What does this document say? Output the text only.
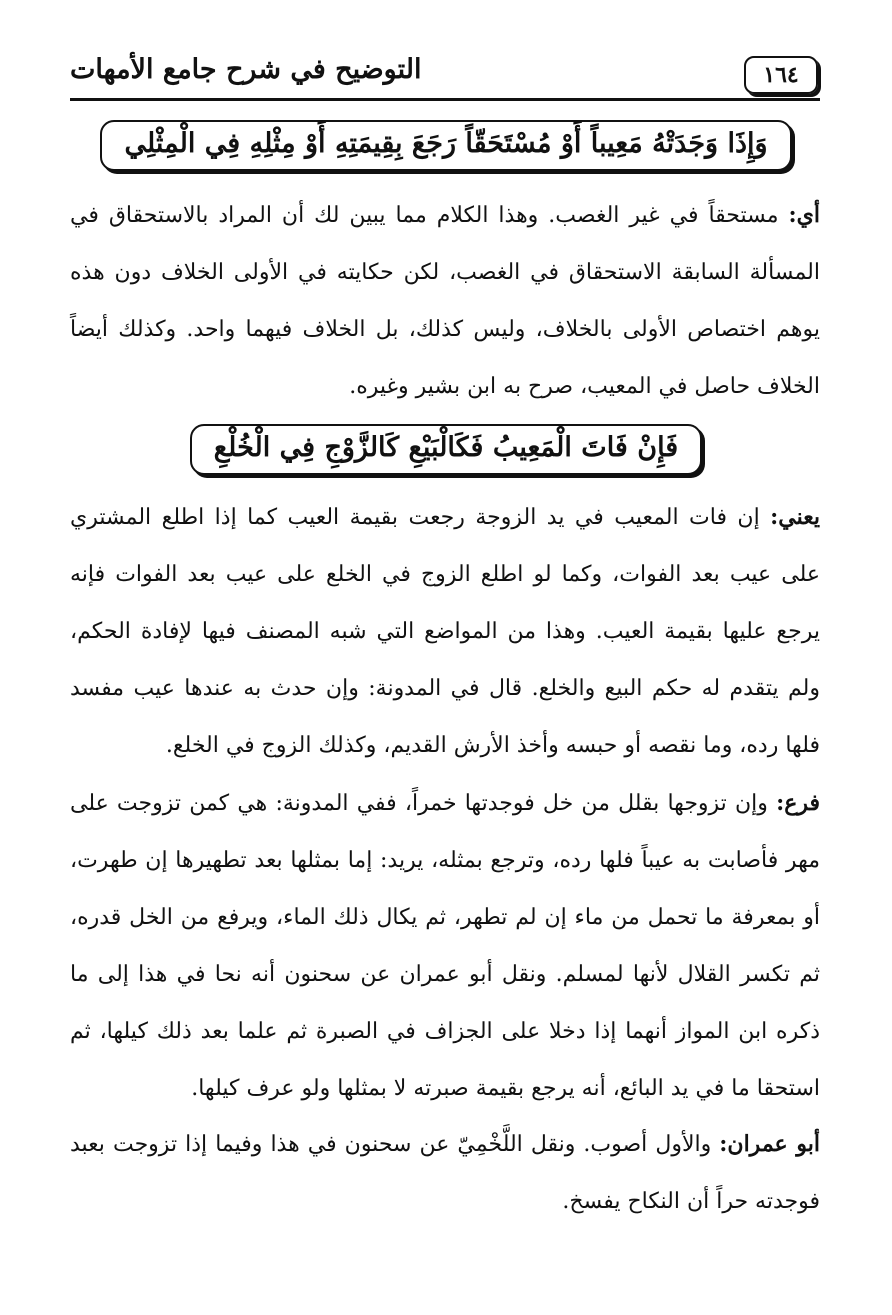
١٦٤
التوضيح في شرح جامع الأمهات
وَإِذَا وَجَدَتْهُ مَعِيباً أَوْ مُسْتَحَقّاً رَجَعَ بِقِيمَتِهِ أَوْ مِثْلِهِ فِي الْمِثْلِي

أي: مستحقاً في غير الغصب. وهذا الكلام مما يبين لك أن المراد بالاستحقاق في المسألة السابقة الاستحقاق في الغصب، لكن حكايته في الأولى الخلاف دون هذه يوهم اختصاص الأولى بالخلاف، وليس كذلك، بل الخلاف فيهما واحد. وكذلك أيضاً الخلاف حاصل في المعيب، صرح به ابن بشير وغيره.

فَإِنْ فَاتَ الْمَعِيبُ فَكَالْبَيْعِ كَالزَّوْجِ فِي الْخُلْعِ

يعني: إن فات المعيب في يد الزوجة رجعت بقيمة العيب كما إذا اطلع المشتري على عيب بعد الفوات، وكما لو اطلع الزوج في الخلع على عيب بعد الفوات فإنه يرجع عليها بقيمة العيب. وهذا من المواضع التي شبه المصنف فيها لإفادة الحكم، ولم يتقدم له حكم البيع والخلع. قال في المدونة: وإن حدث به عندها عيب مفسد فلها رده، وما نقصه أو حبسه وأخذ الأرش القديم، وكذلك الزوج في الخلع.

فرع: وإن تزوجها بقلل من خل فوجدتها خمراً، ففي المدونة: هي كمن تزوجت على مهر فأصابت به عيباً فلها رده، وترجع بمثله، يريد: إما بمثلها بعد تطهيرها إن طهرت، أو بمعرفة ما تحمل من ماء إن لم تطهر، ثم يكال ذلك الماء، ويرفع من الخل قدره، ثم تكسر القلال لأنها لمسلم. ونقل أبو عمران عن سحنون أنه نحا في هذا إلى ما ذكره ابن المواز أنهما إذا دخلا على الجزاف في الصبرة ثم علما بعد ذلك كيلها، ثم استحقا ما في يد البائع، أنه يرجع بقيمة صبرته لا بمثلها ولو عرف كيلها.

أبو عمران: والأول أصوب. ونقل اللَّخْمِيّ عن سحنون في هذا وفيما إذا تزوجت بعبد فوجدته حراً أن النكاح يفسخ.
